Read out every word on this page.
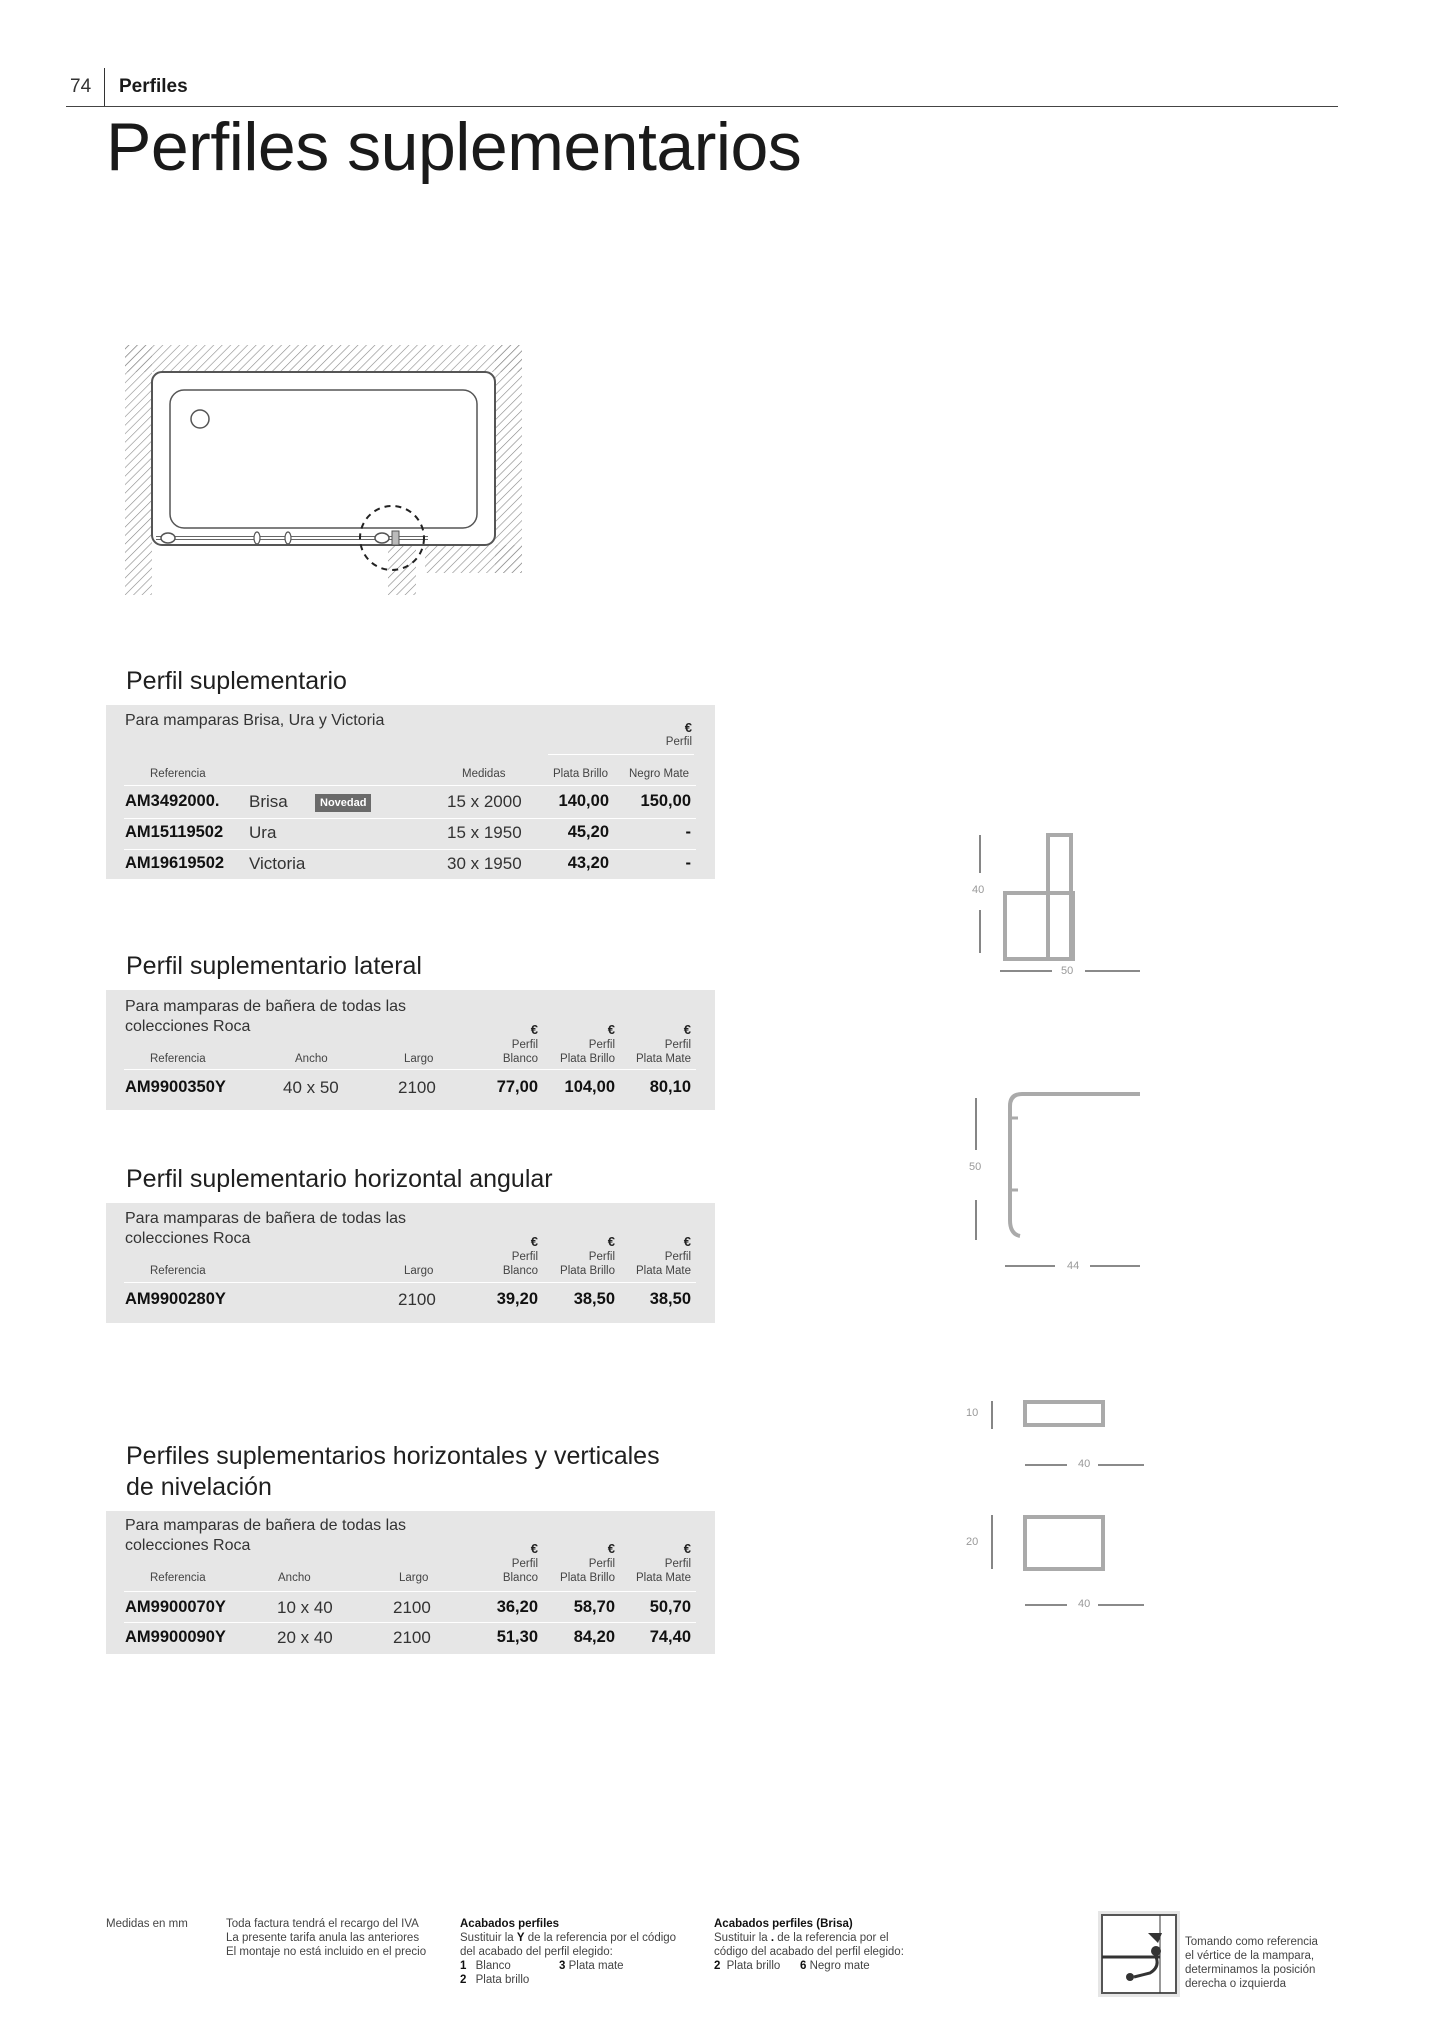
74 Perfiles
Perfiles suplementarios
Perfil suplementario
Para mamparas Brisa, Ura y Victoria	€
Perfil
Referencia	Medidas	Plata Brillo Negro Mate
AM3492000. Brisa	Novedad	15 x 2000	140,00	150,00
AM15119502 Ura	15 x 1950	45,20	-
AM19619502 Victoria	30 x 1950	43,20	-
Perfil suplementario lateral
Para mamparas de bañera de todas las
colecciones Roca	€	€	€
Perfil	Perfil	Perfil
Referencia	Ancho	Largo	Blanco	Plata Brillo	Plata Mate
AM9900350Y	40 x 50	2100	77,00	104,00	80,10
Perfil suplementario horizontal angular
Para mamparas de bañera de todas las
colecciones Roca	€	€	€
Perfil	Perfil	Perfil
Referencia	Largo	Blanco	Plata Brillo	Plata Mate
AM9900280Y	2100	39,20	38,50	38,50
Perfiles suplementarios horizontales y verticales
de nivelación
Para mamparas de bañera de todas las
colecciones Roca	€	€	€
Perfil	Perfil	Perfil
Referencia	Ancho	Largo	Blanco	Plata Brillo	Plata Mate
AM9900070Y	10 x 40	2100	36,20	58,70	50,70
AM9900090Y	20 x 40	2100	51,30	84,20	74,40
40
50
50
44
10
40
20
40
Medidas en mm	Toda factura tendrá el recargo del IVA
La presente tarifa anula las anteriores
El montaje no está incluido en el precio
Acabados perfiles
Sustituir la Y de la referencia por el código
del acabado del perfil elegido:
1 Blanco	3 Plata mate
2 Plata brillo
Acabados perfiles (Brisa)
Sustituir la . de la referencia por el
código del acabado del perfil elegido:
2 Plata brillo 6 Negro mate
Tomando como referencia
el vértice de la mampara,
determinamos la posición
derecha o izquierda
